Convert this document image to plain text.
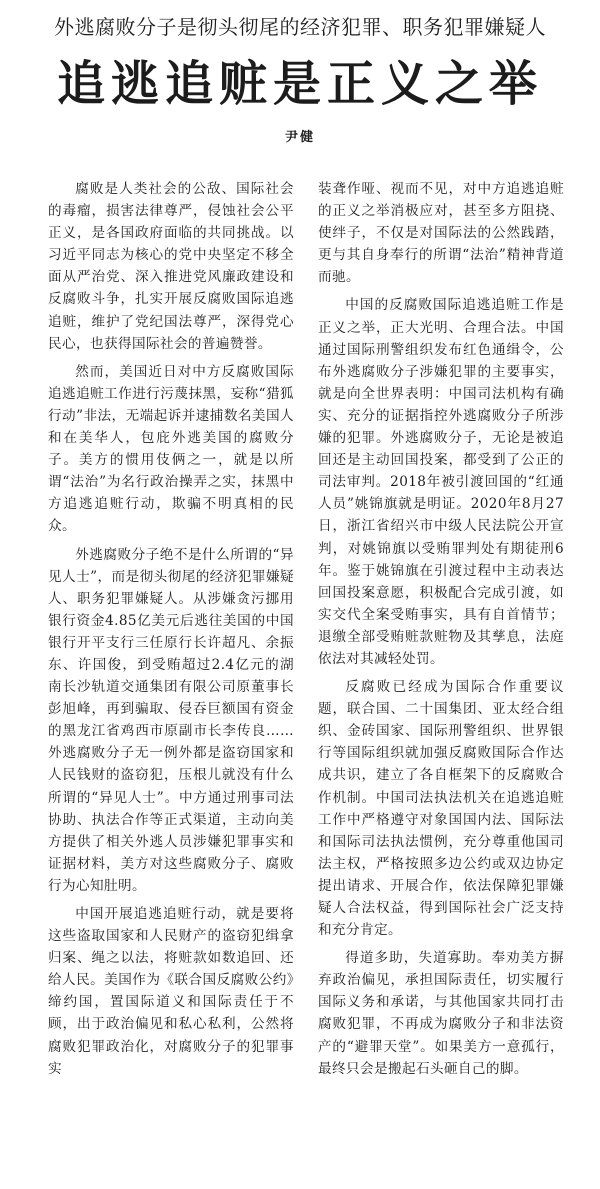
外逃腐败分子是彻头彻尾的经济犯罪、职务犯罪嫌疑人
追逃追赃是正义之举
尹健

腐败是人类社会的公敌、国际社会的毒瘤，损害法律尊严，侵蚀社会公平正义，是各国政府面临的共同挑战。以习近平同志为核心的党中央坚定不移全面从严治党、深入推进党风廉政建设和反腐败斗争，扎实开展反腐败国际追逃追赃，维护了党纪国法尊严，深得党心民心，也获得国际社会的普遍赞誉。

然而，美国近日对中方反腐败国际追逃追赃工作进行污蔑抹黑，妄称“猎狐行动”非法，无端起诉并逮捕数名美国人和在美华人，包庇外逃美国的腐败分子。美方的惯用伎俩之一，就是以所谓“法治”为名行政治操弄之实，抹黑中方追逃追赃行动，欺骗不明真相的民众。

外逃腐败分子绝不是什么所谓的“异见人士”，而是彻头彻尾的经济犯罪嫌疑人、职务犯罪嫌疑人。从涉嫌贪污挪用银行资金4.85亿美元后逃往美国的中国银行开平支行三任原行长许超凡、余振东、许国俊，到受贿超过2.4亿元的湖南长沙轨道交通集团有限公司原董事长彭旭峰，再到骗取、侵吞巨额国有资金的黑龙江省鸡西市原副市长李传良……外逃腐败分子无一例外都是盗窃国家和人民钱财的盗窃犯，压根儿就没有什么所谓的“异见人士”。中方通过刑事司法协助、执法合作等正式渠道，主动向美方提供了相关外逃人员涉嫌犯罪事实和证据材料，美方对这些腐败分子、腐败行为心知肚明。

中国开展追逃追赃行动，就是要将这些盗取国家和人民财产的盗窃犯缉拿归案、绳之以法，将赃款如数追回、还给人民。美国作为《联合国反腐败公约》缔约国，置国际道义和国际责任于不顾，出于政治偏见和私心私利，公然将腐败犯罪政治化，对腐败分子的犯罪事实

装聋作哑、视而不见，对中方追逃追赃的正义之举消极应对，甚至多方阻挠、使绊子，不仅是对国际法的公然践踏，更与其自身奉行的所谓“法治”精神背道而驰。

中国的反腐败国际追逃追赃工作是正义之举，正大光明、合理合法。中国通过国际刑警组织发布红色通缉令，公布外逃腐败分子涉嫌犯罪的主要事实，就是向全世界表明：中国司法机构有确实、充分的证据指控外逃腐败分子所涉嫌的犯罪。外逃腐败分子，无论是被追回还是主动回国投案，都受到了公正的司法审判。2018年被引渡回国的“红通人员”姚锦旗就是明证。2020年8月27日，浙江省绍兴市中级人民法院公开宣判，对姚锦旗以受贿罪判处有期徒刑6年。鉴于姚锦旗在引渡过程中主动表达回国投案意愿，积极配合完成引渡，如实交代全案受贿事实，具有自首情节；退缴全部受贿赃款赃物及其孳息，法庭依法对其减轻处罚。

反腐败已经成为国际合作重要议题，联合国、二十国集团、亚太经合组织、金砖国家、国际刑警组织、世界银行等国际组织就加强反腐败国际合作达成共识，建立了各自框架下的反腐败合作机制。中国司法执法机关在追逃追赃工作中严格遵守对象国国内法、国际法和国际司法执法惯例，充分尊重他国司法主权，严格按照多边公约或双边协定提出请求、开展合作，依法保障犯罪嫌疑人合法权益，得到国际社会广泛支持和充分肯定。

得道多助，失道寡助。奉劝美方摒弃政治偏见，承担国际责任，切实履行国际义务和承诺，与其他国家共同打击腐败犯罪，不再成为腐败分子和非法资产的“避罪天堂”。如果美方一意孤行，最终只会是搬起石头砸自己的脚。
